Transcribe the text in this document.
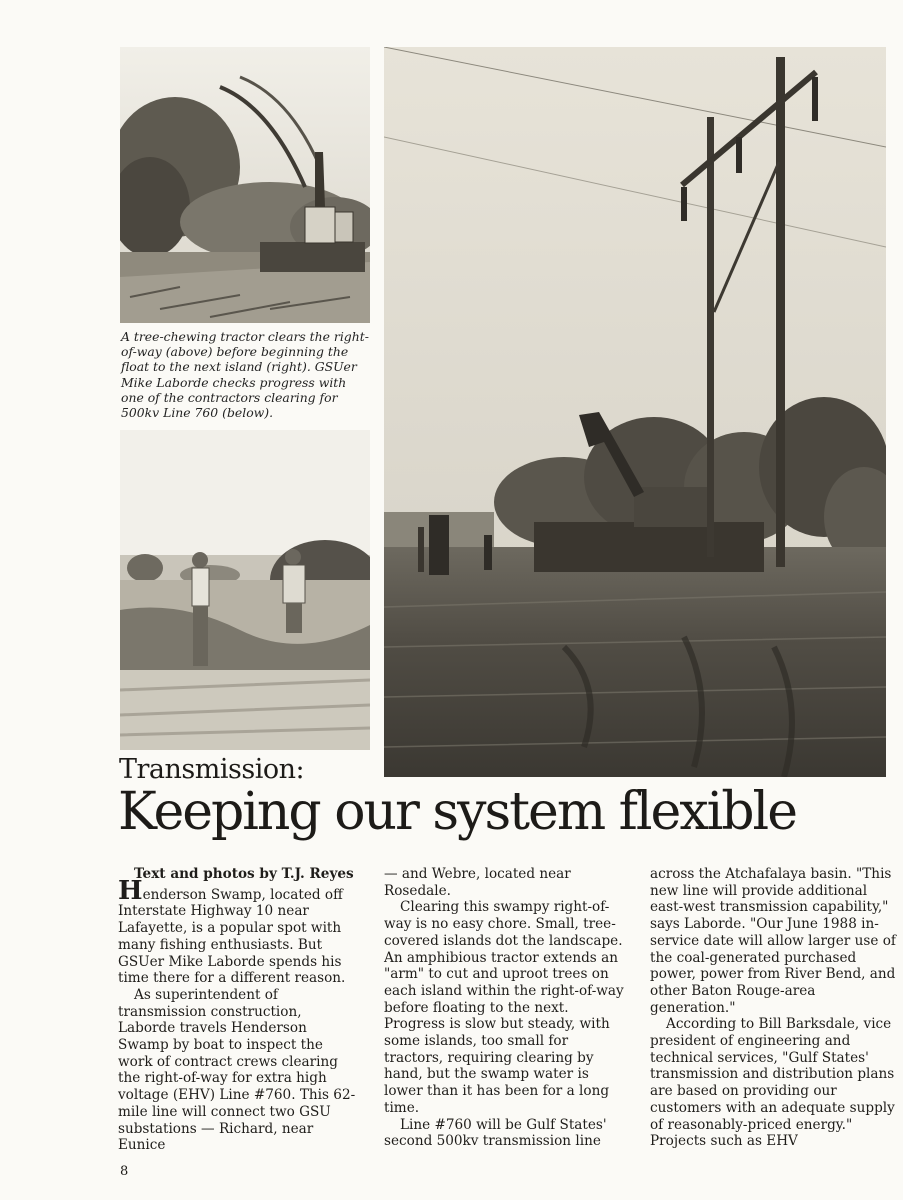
A tree-chewing tractor clears the right-of-way (above) before beginning the float to the next island (right). GSUer Mike Laborde checks progress with one of the contractors clearing for 500kv Line 760 (below).
Transmission:
Keeping our system flexible

Text and photos by T.J. Reyes

Henderson Swamp, located off Interstate Highway 10 near Lafayette, is a popular spot with many fishing enthusiasts. But GSUer Mike Laborde spends his time there for a different reason.

As superintendent of transmission construction, Laborde travels Henderson Swamp by boat to inspect the work of contract crews clearing the right-of-way for extra high voltage (EHV) Line #760. This 62-mile line will connect two GSU substations — Richard, near Eunice

— and Webre, located near Rosedale.

Clearing this swampy right-of-way is no easy chore. Small, tree-covered islands dot the landscape. An amphibious tractor extends an "arm" to cut and uproot trees on each island within the right-of-way before floating to the next. Progress is slow but steady, with some islands, too small for tractors, requiring clearing by hand, but the swamp water is lower than it has been for a long time.

Line #760 will be Gulf States' second 500kv transmission line

across the Atchafalaya basin. "This new line will provide additional east-west transmission capability," says Laborde. "Our June 1988 in-service date will allow larger use of the coal-generated purchased power, power from River Bend, and other Baton Rouge-area generation."

According to Bill Barksdale, vice president of engineering and technical services, "Gulf States' transmission and distribution plans are based on providing our customers with an adequate supply of reasonably-priced energy." Projects such as EHV

8
